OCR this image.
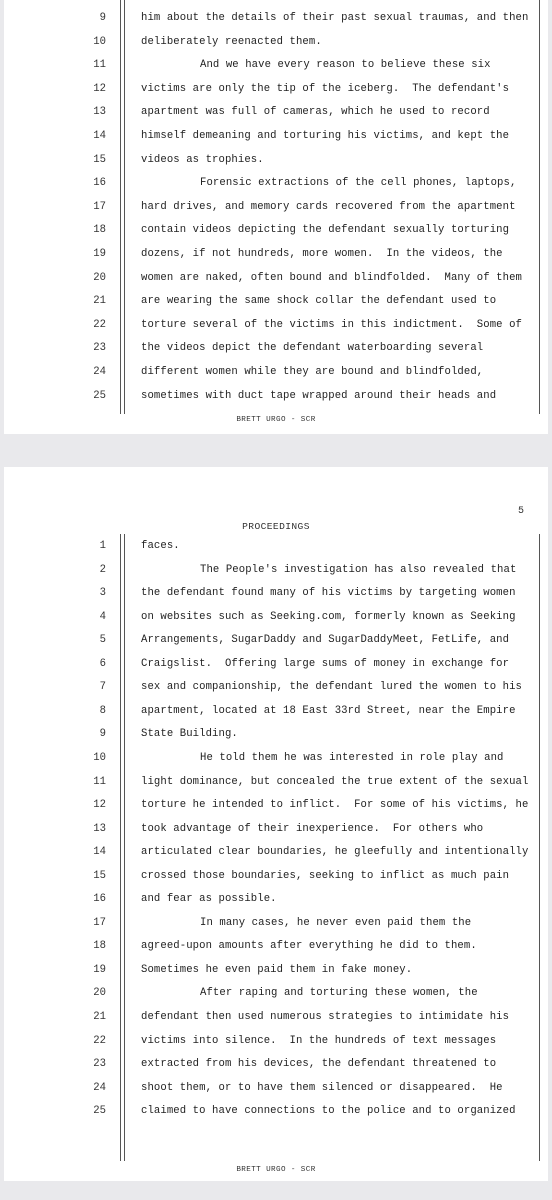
9	him about the details of their past sexual traumas, and then
10	deliberately reenacted them.
11	And we have every reason to believe these six
12	victims are only the tip of the iceberg.  The defendant's
13	apartment was full of cameras, which he used to record
14	himself demeaning and torturing his victims, and kept the
15	videos as trophies.
16	Forensic extractions of the cell phones, laptops,
17	hard drives, and memory cards recovered from the apartment
18	contain videos depicting the defendant sexually torturing
19	dozens, if not hundreds, more women.  In the videos, the
20	women are naked, often bound and blindfolded.  Many of them
21	are wearing the same shock collar the defendant used to
22	torture several of the victims in this indictment.  Some of
23	the videos depict the defendant waterboarding several
24	different women while they are bound and blindfolded,
25	sometimes with duct tape wrapped around their heads and
BRETT URGO - SCR
5
PROCEEDINGS
1	faces.
2	The People's investigation has also revealed that
3	the defendant found many of his victims by targeting women
4	on websites such as Seeking.com, formerly known as Seeking
5	Arrangements, SugarDaddy and SugarDaddyMeet, FetLife, and
6	Craigslist.  Offering large sums of money in exchange for
7	sex and companionship, the defendant lured the women to his
8	apartment, located at 18 East 33rd Street, near the Empire
9	State Building.
10	He told them he was interested in role play and
11	light dominance, but concealed the true extent of the sexual
12	torture he intended to inflict.  For some of his victims, he
13	took advantage of their inexperience.  For others who
14	articulated clear boundaries, he gleefully and intentionally
15	crossed those boundaries, seeking to inflict as much pain
16	and fear as possible.
17	In many cases, he never even paid them the
18	agreed-upon amounts after everything he did to them.
19	Sometimes he even paid them in fake money.
20	After raping and torturing these women, the
21	defendant then used numerous strategies to intimidate his
22	victims into silence.  In the hundreds of text messages
23	extracted from his devices, the defendant threatened to
24	shoot them, or to have them silenced or disappeared.  He
25	claimed to have connections to the police and to organized
BRETT URGO - SCR
